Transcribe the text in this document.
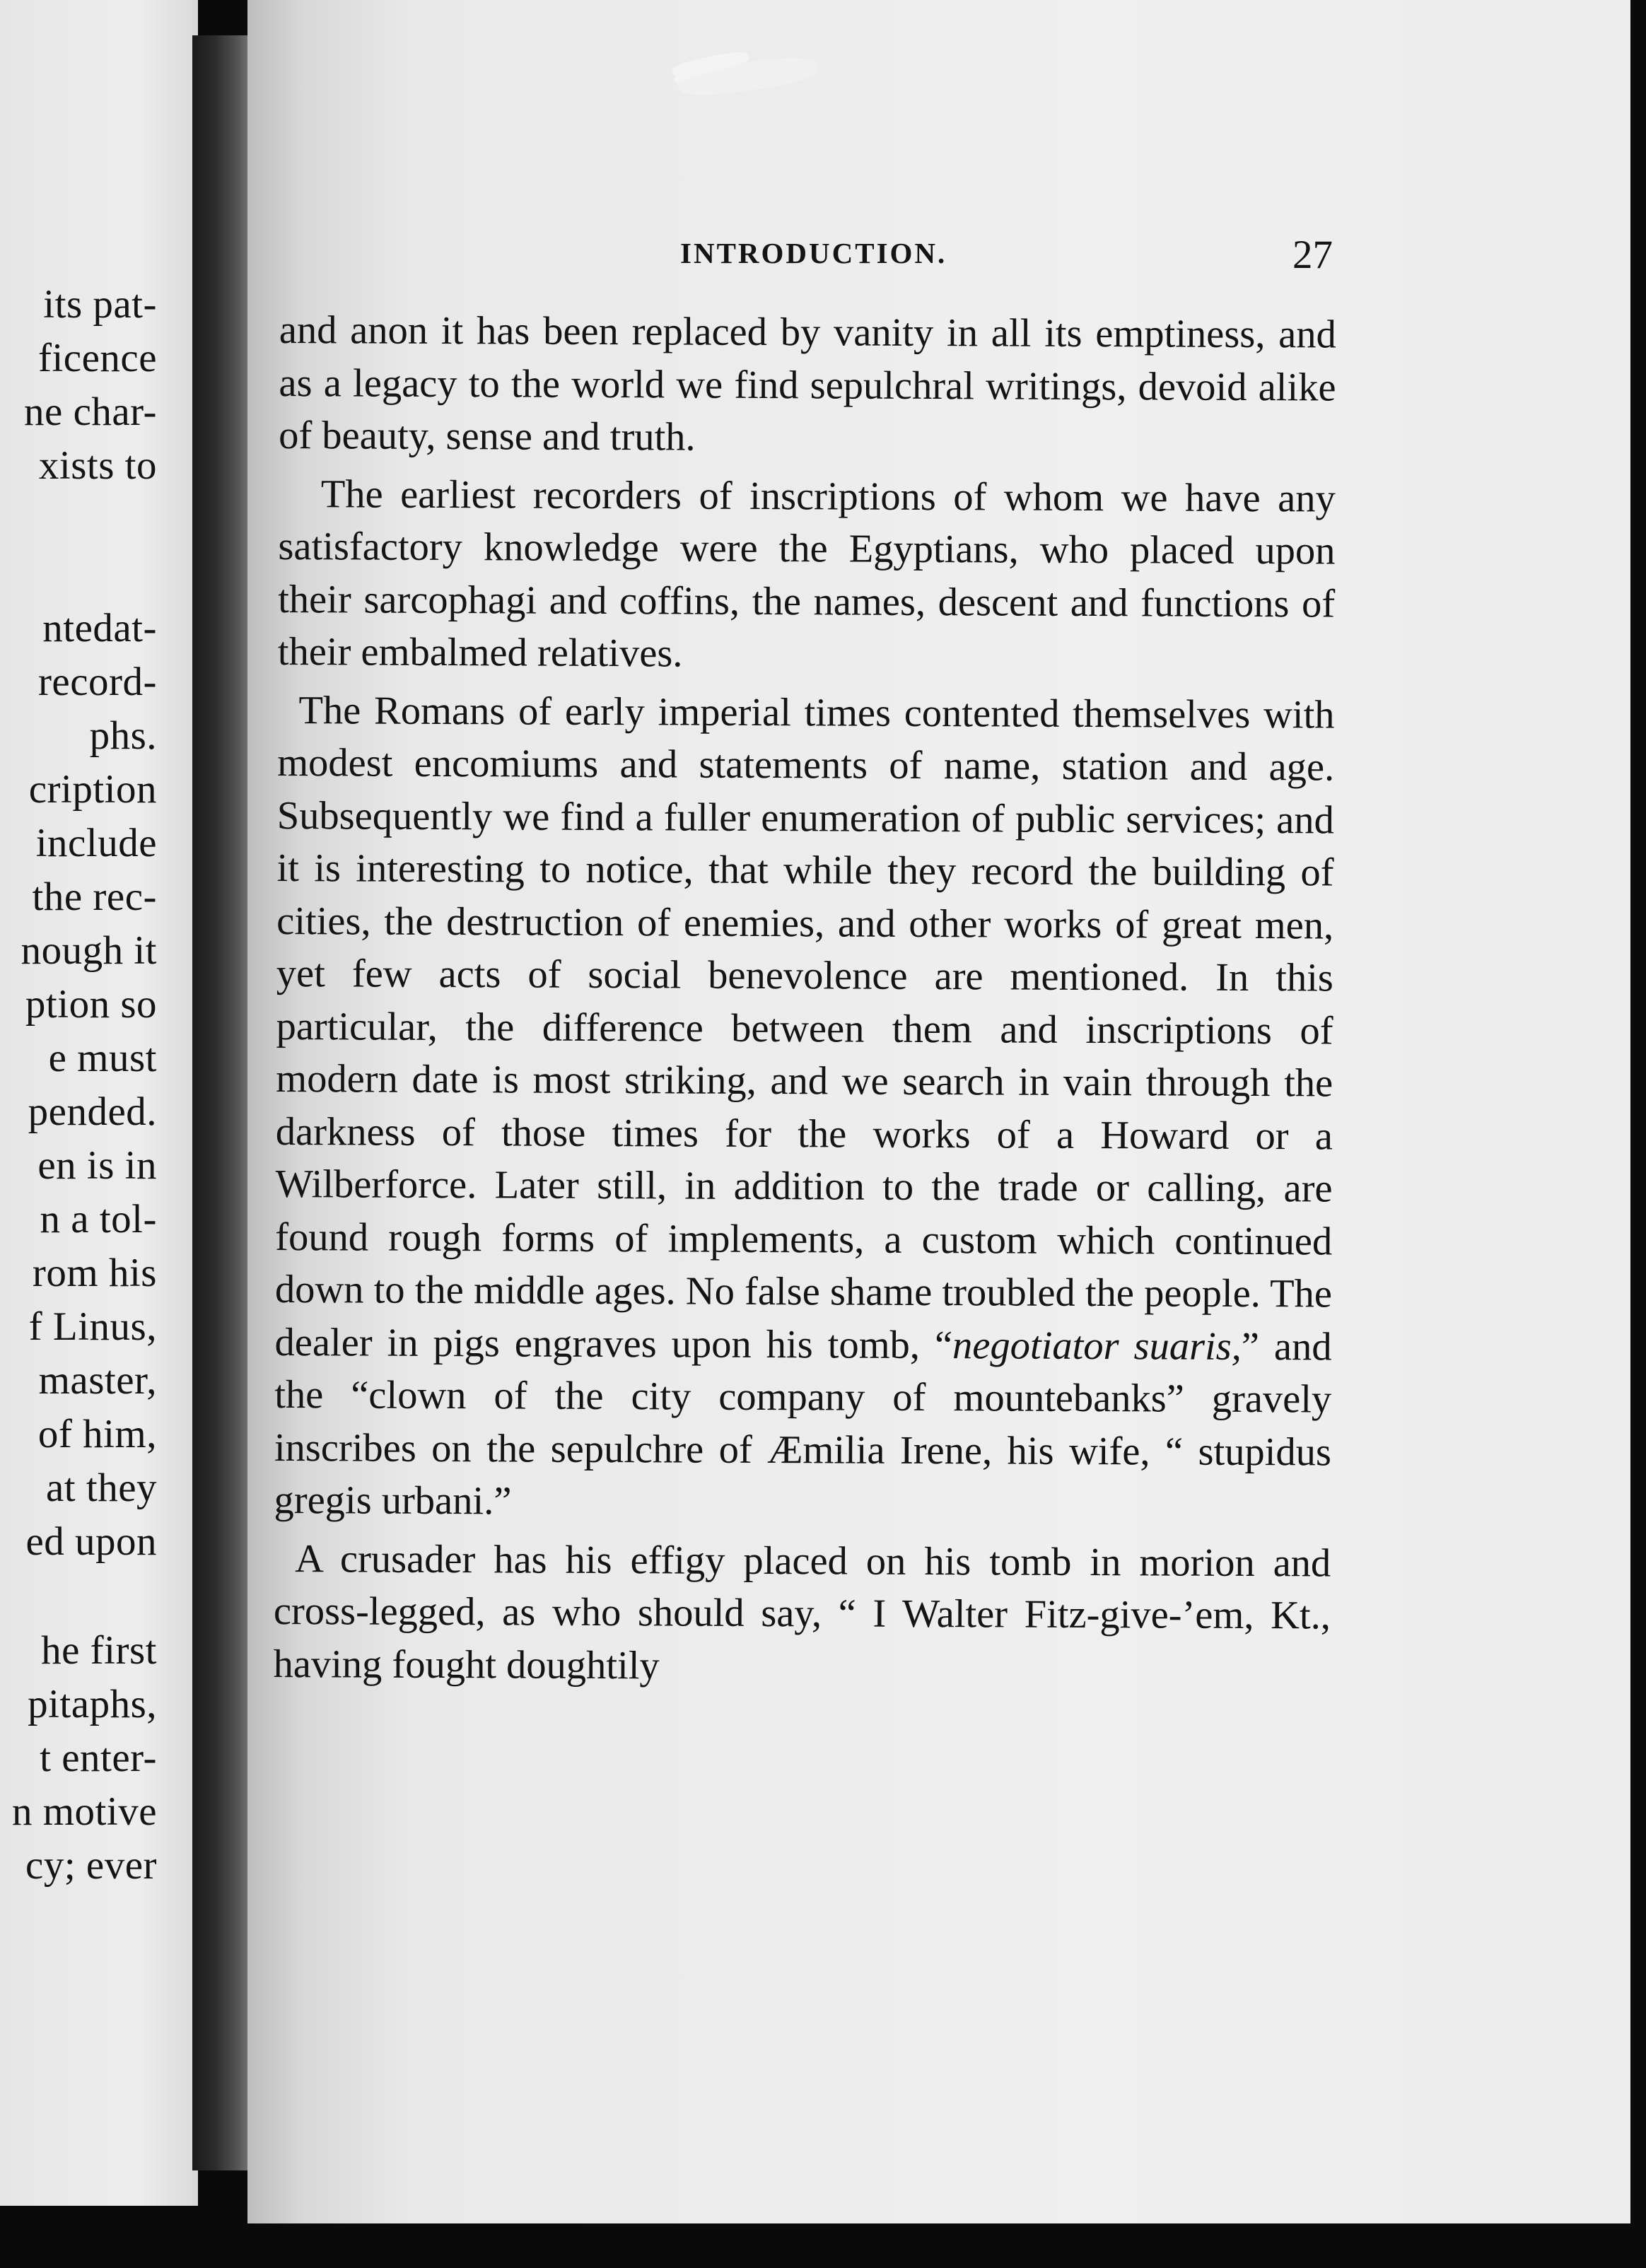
its pat-
ficence
ne char-
xists to
ntedat-
record-
phs.
cription
include
the rec-
nough it
ption so
e must
pended.
en is in
n a tol-
rom his
f Linus,
master,
of him,
at they
ed upon
he first
pitaphs,
t enter-
n motive
cy; ever
INTRODUCTION.	27

and anon it has been replaced by vanity in all its emptiness, and as a legacy to the world we find sepulchral writings, devoid alike of beauty, sense and truth.

The earliest recorders of inscriptions of whom we have any satisfactory knowledge were the Egyptians, who placed upon their sarcophagi and coffins, the names, descent and functions of their embalmed relatives.

The Romans of early imperial times contented themselves with modest encomiums and statements of name, station and age. Subsequently we find a fuller enumeration of public services; and it is interesting to notice, that while they record the building of cities, the destruction of enemies, and other works of great men, yet few acts of social benevolence are mentioned. In this particular, the difference between them and inscriptions of modern date is most striking, and we search in vain through the darkness of those times for the works of a Howard or a Wilberforce. Later still, in addition to the trade or calling, are found rough forms of implements, a custom which continued down to the middle ages. No false shame troubled the people. The dealer in pigs engraves upon his tomb, “negotiator suaris,” and the “clown of the city company of mountebanks” gravely inscribes on the sepulchre of Æmilia Irene, his wife, “ stupidus gregis urbani.”

A crusader has his effigy placed on his tomb in morion and cross-legged, as who should say, “ I Walter Fitz-give-’em, Kt., having fought doughtily
